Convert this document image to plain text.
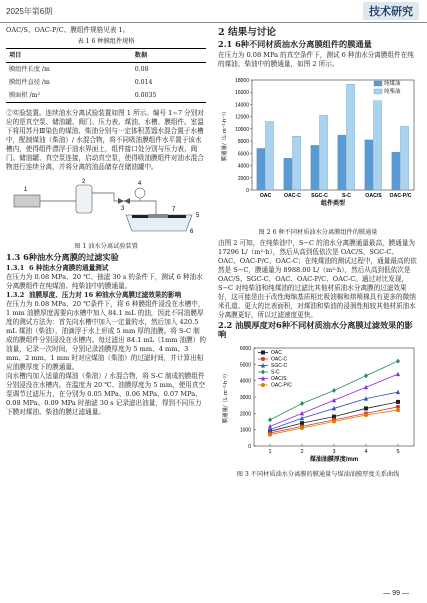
2025年第6期	技术研究

OAC/S、OAC-P/C、膜组件规格见表 1。

表 1 6 种膜组件规格
项目	数据
膜组件长度 /m	0.08
膜组件直径 /m	0.014
膜面积 /m²	0.0035

②实验装置。连续油水分离试验装置如图 1 所示。编号 1~7 分别对应的是真空泵、储油罐、阀门、压力表、煤油、水槽、膜组件。室温下将用苏丹Ⅲ染色的煤油、柴油分别与一定体积蒸馏水混合置于水槽中，配制煤油（柴油）/ 水混合物，将不同吸油膜组件水平置于该水槽内，使得组件漂浮于油水界面上，组件接口处分别与压力表、阀门、储油罐、真空泵连接，启动真空泵，使得吸油膜组件对油水混合物进行连续分离，并将分离的油品储存在储油罐中。

1
2
3
4
5
6
7
图 1 油水分离试验装置
1.3 6种油水分离膜的过滤实验
1.3.1  6 种油水分离膜的通量测试

在压力为 0.08 MPa、20 ℃、抽滤 30 s 的条件下，测试 6 种油水分离膜组件在纯煤油、纯柴油中的膜通量。

1.3.2  油膜厚度、压力对 16 种油水分离膜过滤效果的影响

在压力为 0.08 MPa、20 ℃条件下，将 6 种膜组件浸没在水槽中，1 mm 油膜厚度需要向水槽中加入 84.1 mL 的油，因此不同油膜厚度的测试方法为：首先向水槽中加入一定量的水，然后加入 420.5 mL 煤油（柴油），油滴浮于水上形成 5 mm 厚的油膜。将 S-C 制成的膜组件分别浸没在水槽内。每过滤出 84.1 mL（1mm 油膜）的油量，记录一次时间，分别记录油膜厚度为 5 mm、4 mm、3 mm、2 mm、1 mm 时对应煤油（柴油）的过滤时间，并计算出相应油膜厚度下的膜通量。

向水槽内加入适量的煤油（柴油）/ 水混合物，将 S-C 制成的膜组件分别浸没在水槽内。在温度为 20 ℃、油膜厚度为 5 mm，使用真空泵调节过滤压力，在分别为 0.05 MPa、0.06 MPa、0.07 MPa、0.08 MPa、0.09 MPa 时抽滤 30 s 记录滤出油量，得到不同压力下膜对煤油、柴油的膜过滤通量。

2 结果与讨论
2.1 6种不同材质油水分离膜组件的膜通量

在压力为 0.08 MPa 的真空条件下，测试 6 种油水分离膜组件在纯的煤油、柴油中的膜通量，如图 2 所示。

0
2000
4000
6000
8000
10000
12000
14000
16000
18000
膜通量/（L·m⁻²·h⁻¹）
OAC OAC-C SGC-C	S-C	OAC/S OAC-P/C
组件类型
纯煤油
纯柴油
图 2 6 种不同材质油水分离膜组件的膜通量

由图 2 可知，在纯柴油中，S−C 的油水分离膜通量最高，膜通量为 17296 L/（m²·h），然后从高到低依次是 OAC/S、SGC-C、OAC、OAC-P/C、OAC-C；在纯煤油的测试过程中，通量最高的依然是 S−C，膜通量为 8988.00 L/（m²·h），然后从高到低依次是 OAC/S、SGC-C、OAC、OAC-P/C、OAC-C。通过对比发现，S−C 对纯柴油和纯煤油的过滤比其他材质油水分离膜的过滤效果好，这可能是由于改性海绵基质相比吸油棉和熔喷棉具有更多的微纳米孔道、更大的比表面积，对煤油和柴油的浸润性相较其他材质油水分离膜更好，所以过滤速度更快。

2.2 油膜厚度对6种不同材质油水分离膜过滤效果的影响
0
1000
2000
3000
4000
5000
6000
1	2	3	4	5
膜通量/（L·m⁻²·h⁻¹）
煤油油膜厚度/mm
OAC
OAC-C
SGC-C
S-C
OAC/S
OAC-P/C
图 3 不同材质油水分离膜的膜通量与煤油油膜厚度关系曲线
— 99 —
